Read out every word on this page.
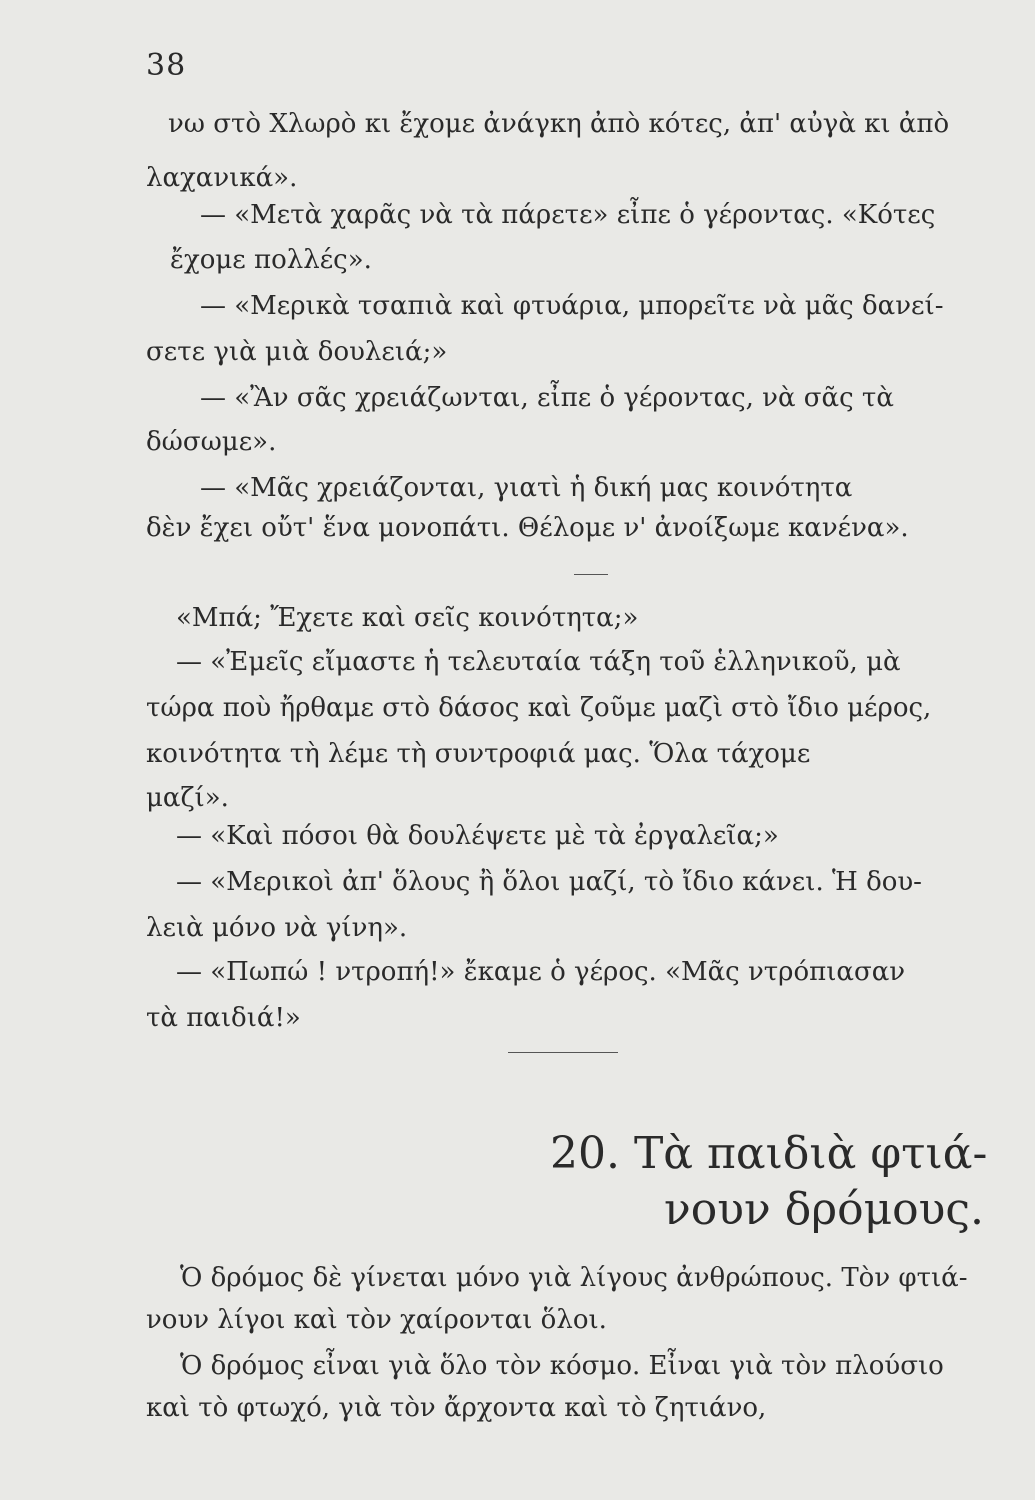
38
νω στὸ Χλωρὸ κι ἔχομε ἀνάγκη ἀπὸ κότες, ἀπ' αὐγὰ κι ἀπὸ
λαχανικά».
— «Μετὰ χαρᾶς νὰ τὰ πάρετε» εἶπε ὁ γέροντας. «Κότες
ἔχομε πολλές».
— «Μερικὰ τσαπιὰ καὶ φτυάρια, μπορεῖτε νὰ μᾶς δανεί-
σετε γιὰ μιὰ δουλειά;»
— «Ἂν σᾶς χρειάζωνται, εἶπε ὁ γέροντας, νὰ σᾶς τὰ
δώσωμε».
— «Μᾶς χρειάζονται, γιατὶ ἡ δική μας κοινότητα
δὲν ἔχει οὔτ' ἕνα μονοπάτι. Θέλομε ν' ἀνοίξωμε κανένα».
«Μπά; Ἔχετε καὶ σεῖς κοινότητα;»
— «Ἐμεῖς εἴμαστε ἡ τελευταία τάξη τοῦ ἑλληνικοῦ, μὰ
τώρα ποὺ ἤρθαμε στὸ δάσος καὶ ζοῦμε μαζὶ στὸ ἴδιο μέρος,
κοινότητα τὴ λέμε τὴ συντροφιά μας. Ὅλα τάχομε
μαζί».
— «Καὶ πόσοι θὰ δουλέψετε μὲ τὰ ἐργαλεῖα;»
— «Μερικοὶ ἀπ' ὅλους ἢ ὅλοι μαζί, τὸ ἴδιο κάνει. Ἡ δου-
λειὰ μόνο νὰ γίνη».
— «Πωπώ ! ντροπή!» ἔκαμε ὁ γέρος. «Μᾶς ντρόπιασαν
τὰ παιδιά!»
20. Τὰ παιδιὰ φτιά-
νουν δρόμους.
Ὁ δρόμος δὲ γίνεται μόνο γιὰ λίγους ἀνθρώπους. Τὸν φτιά-
νουν λίγοι καὶ τὸν χαίρονται ὅλοι.
Ὁ δρόμος εἶναι γιὰ ὅλο τὸν κόσμο. Εἶναι γιὰ τὸν πλούσιο
καὶ τὸ φτωχό, γιὰ τὸν ἄρχοντα καὶ τὸ ζητιάνο,
